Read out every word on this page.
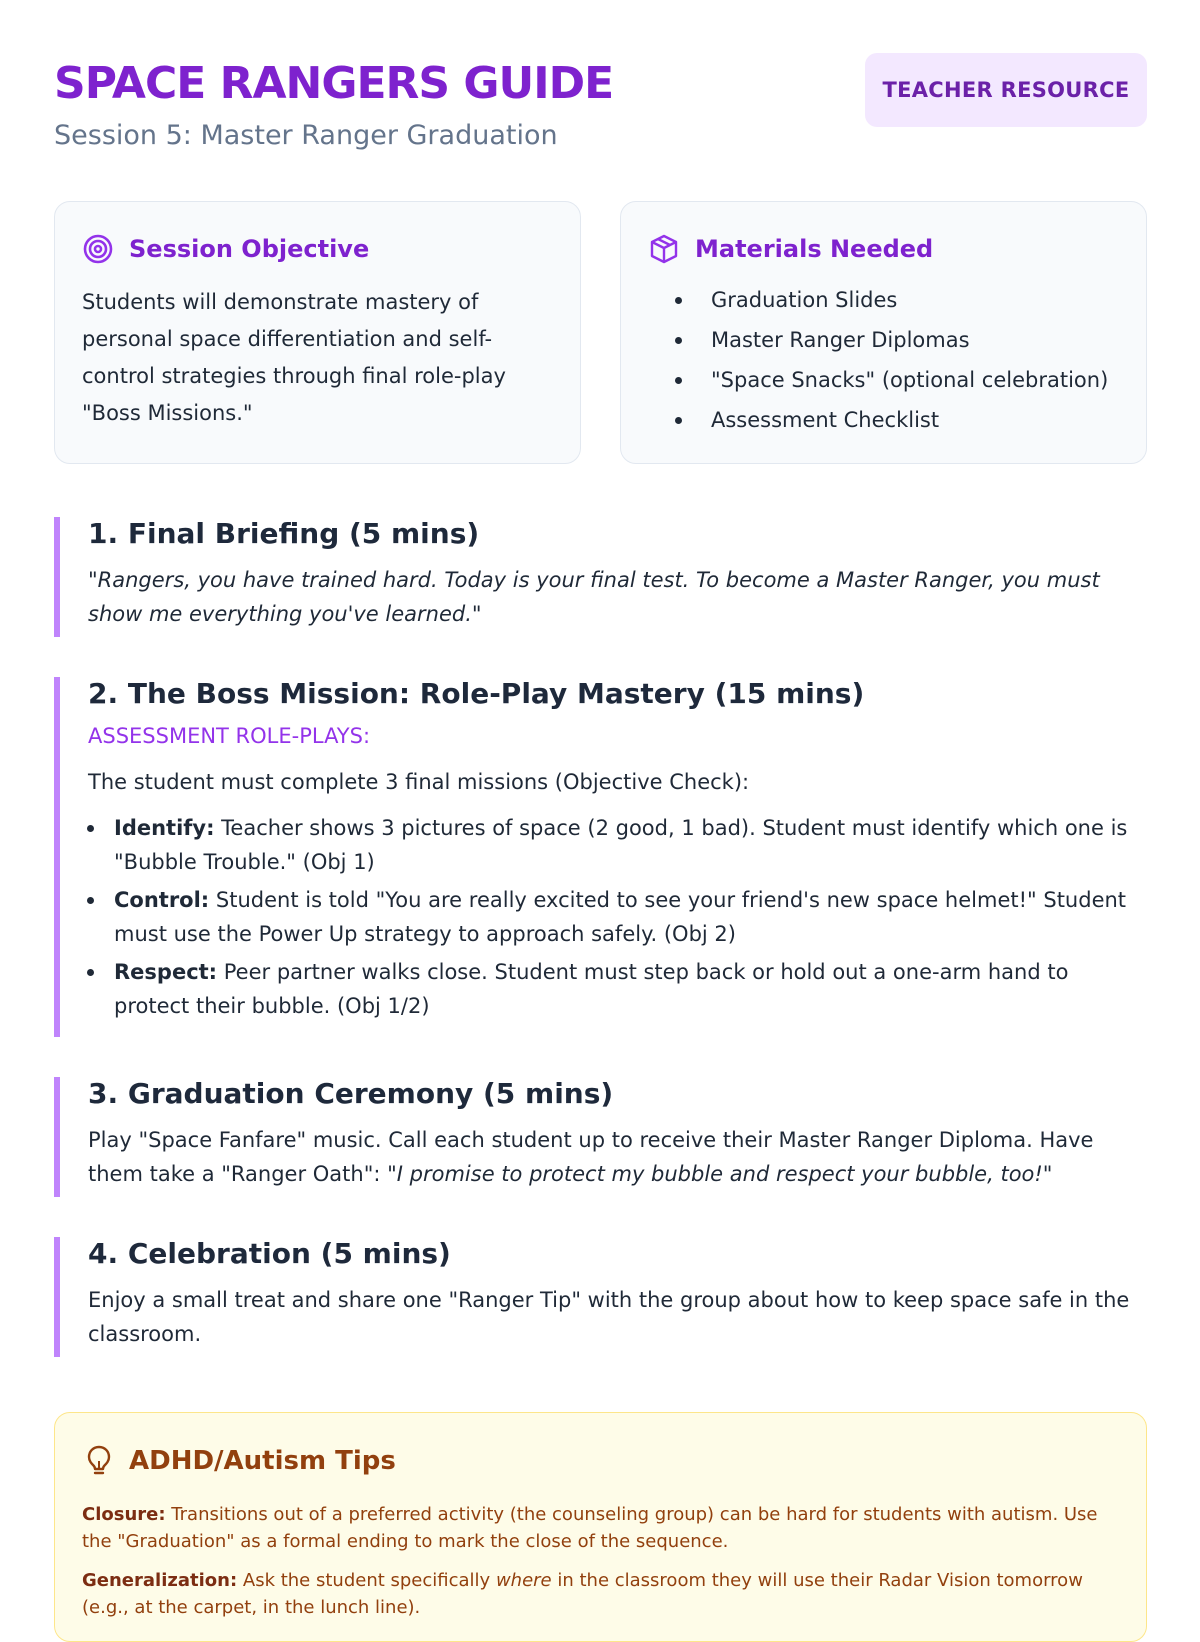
SPACE RANGERS GUIDE
Session 5: Master Ranger Graduation
TEACHER RESOURCE
Session Objective
Students will demonstrate mastery of personal space differentiation and self-control strategies through final role-play "Boss Missions."
Materials Needed
Graduation Slides
Master Ranger Diplomas
"Space Snacks" (optional celebration)
Assessment Checklist
1. Final Briefing (5 mins)
"Rangers, you have trained hard. Today is your final test. To become a Master Ranger, you must show me everything you've learned."
2. The Boss Mission: Role-Play Mastery (15 mins)
ASSESSMENT ROLE-PLAYS:
The student must complete 3 final missions (Objective Check):
Identify: Teacher shows 3 pictures of space (2 good, 1 bad). Student must identify which one is "Bubble Trouble." (Obj 1)
Control: Student is told "You are really excited to see your friend's new space helmet!" Student must use the Power Up strategy to approach safely. (Obj 2)
Respect: Peer partner walks close. Student must step back or hold out a one-arm hand to protect their bubble. (Obj 1/2)
3. Graduation Ceremony (5 mins)
Play "Space Fanfare" music. Call each student up to receive their Master Ranger Diploma. Have them take a "Ranger Oath": "I promise to protect my bubble and respect your bubble, too!"
4. Celebration (5 mins)
Enjoy a small treat and share one "Ranger Tip" with the group about how to keep space safe in the classroom.
ADHD/Autism Tips

Closure: Transitions out of a preferred activity (the counseling group) can be hard for students with autism. Use the "Graduation" as a formal ending to mark the close of the sequence.

Generalization: Ask the student specifically where in the classroom they will use their Radar Vision tomorrow (e.g., at the carpet, in the lunch line).
